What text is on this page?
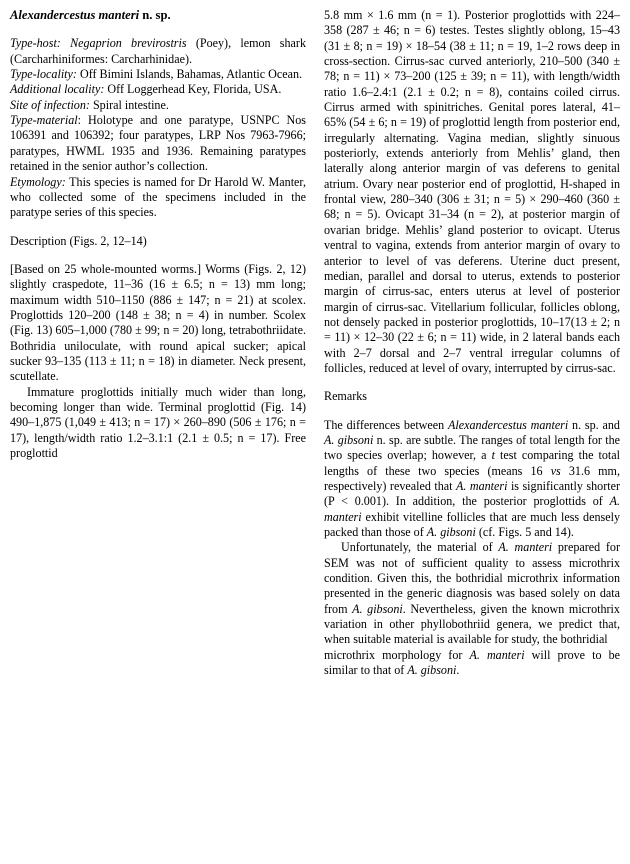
Alexandercestus manteri n. sp.

Type-host: Negaprion brevirostris (Poey), lemon shark (Carcharhiniformes: Carcharhinidae).

Type-locality: Off Bimini Islands, Bahamas, Atlantic Ocean.

Additional locality: Off Loggerhead Key, Florida, USA.

Site of infection: Spiral intestine.

Type-material: Holotype and one paratype, USNPC Nos 106391 and 106392; four paratypes, LRP Nos 7963-7966; paratypes, HWML 1935 and 1936. Remaining paratypes retained in the senior author’s collection.

Etymology: This species is named for Dr Harold W. Manter, who collected some of the specimens included in the paratype series of this species.

Description (Figs. 2, 12–14)

[Based on 25 whole-mounted worms.] Worms (Figs. 2, 12) slightly craspedote, 11–36 (16 ± 6.5; n = 13) mm long; maximum width 510–1150 (886 ± 147; n = 21) at scolex. Proglottids 120–200 (148 ± 38; n = 4) in number. Scolex (Fig. 13) 605–1,000 (780 ± 99; n = 20) long, tetrabothriidate. Bothridia uniloculate, with round apical sucker; apical sucker 93–135 (113 ± 11; n = 18) in diameter. Neck present, scutellate.

Immature proglottids initially much wider than long, becoming longer than wide. Terminal proglottid (Fig. 14) 490–1,875 (1,049 ± 413; n = 17) × 260–890 (506 ± 176; n = 17), length/width ratio 1.2–3.1:1 (2.1 ± 0.5; n = 17). Free proglottid

5.8 mm × 1.6 mm (n = 1). Posterior proglottids with 224–358 (287 ± 46; n = 6) testes. Testes slightly oblong, 15–43 (31 ± 8; n = 19) × 18–54 (38 ± 11; n = 19, 1–2 rows deep in cross-section. Cirrus-sac curved anteriorly, 210–500 (340 ± 78; n = 11) × 73–200 (125 ± 39; n = 11), with length/width ratio 1.6–2.4:1 (2.1 ± 0.2; n = 8), contains coiled cirrus. Cirrus armed with spinitriches. Genital pores lateral, 41–65% (54 ± 6; n = 19) of proglottid length from posterior end, irregularly alternating. Vagina median, slightly sinuous posteriorly, extends anteriorly from Mehlis’ gland, then laterally along anterior margin of vas deferens to genital atrium. Ovary near posterior end of proglottid, H-shaped in frontal view, 280–340 (306 ± 31; n = 5) × 290–460 (360 ± 68; n = 5). Ovicapt 31–34 (n = 2), at posterior margin of ovarian bridge. Mehlis’ gland posterior to ovicapt. Uterus ventral to vagina, extends from anterior margin of ovary to anterior to level of vas deferens. Uterine duct present, median, parallel and dorsal to uterus, extends to posterior margin of cirrus-sac, enters uterus at level of posterior margin of cirrus-sac. Vitellarium follicular, follicles oblong, not densely packed in posterior proglottids, 10–17(13 ± 2; n = 11) × 12–30 (22 ± 6; n = 11) wide, in 2 lateral bands each with 2–7 dorsal and 2–7 ventral irregular columns of follicles, reduced at level of ovary, interrupted by cirrus-sac.

Remarks

The differences between Alexandercestus manteri n. sp. and A. gibsoni n. sp. are subtle. The ranges of total length for the two species overlap; however, a t test comparing the total lengths of these two species (means 16 vs 31.6 mm, respectively) revealed that A. manteri is significantly shorter (P < 0.001). In addition, the posterior proglottids of A. manteri exhibit vitelline follicles that are much less densely packed than those of A. gibsoni (cf. Figs. 5 and 14).

Unfortunately, the material of A. manteri prepared for SEM was not of sufficient quality to assess microthrix condition. Given this, the bothridial microthrix information presented in the generic diagnosis was based solely on data from A. gibsoni. Nevertheless, given the known microthrix variation in other phyllobothriid genera, we predict that, when suitable material is available for study, the bothridial

microthrix morphology for A. manteri will prove to be similar to that of A. gibsoni.
